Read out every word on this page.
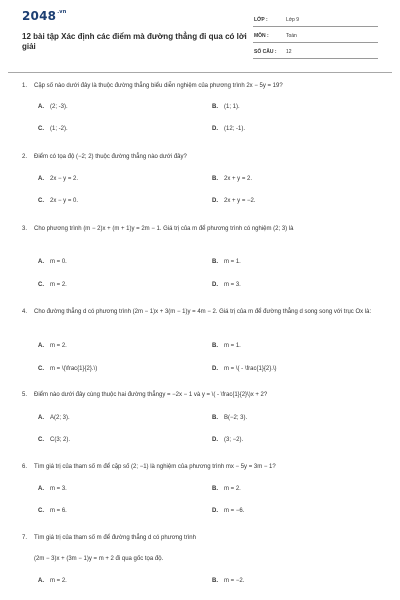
$2048^{.vn}$
12 bài tập Xác định các điểm mà đường thẳng đi qua có lời giải
LỚP :	Lớp 9
MÔN :	Toán
SỐ CÂU : 12
1. Cặp số nào dưới đây là thuộc đường thẳng biểu diễn nghiệm của phương trình 2x − 5y = 19?
A. (2; -3).	B. (1; 1).
C. (1; -2).	D. (12; -1).
2. Điểm có tọa độ (−2; 2) thuộc đường thẳng nào dưới đây?
A. 2x − y = 2.	B. 2x + y = 2.
C. 2x − y = 0.	D. 2x + y = −2.
3. Cho phương trình (m − 2)x + (m + 1)y = 2m − 1. Giá trị của m để phương trình có nghiệm (2; 3) là
A. m = 0.	B. m = 1.
C. m = 2.	D. m = 3.
4. Cho đường thẳng d có phương trình (2m − 1)x + 3(m − 1)y = 4m − 2. Giá trị của m để đường thẳng d song song với trục Ox là:
A. m = 2.	B. m = 1.
C. m = \(\frac{1}{2}.\)	D. m = \( - \frac{1}{2}.\)
5. Điểm nào dưới đây cùng thuộc hai đường thẳngy = −2x − 1 và y = \( - \frac{1}{2}\)x + 2?
A. A(2; 3).	B. B(−2; 3).
C. C(3; 2).	D. (3; −2).
6. Tìm giá trị của tham số m để cặp số (2; −1) là nghiệm của phương trình mx − 5y = 3m − 1?
A. m = 3.	B. m = 2.
C. m = 6.	D. m = −6.
7. Tìm giá trị của tham số m để đường thẳng d có phương trình
(2m − 3)x + (3m − 1)y = m + 2 đi qua gốc tọa độ.
A. m = 2.	B. m = −2.
